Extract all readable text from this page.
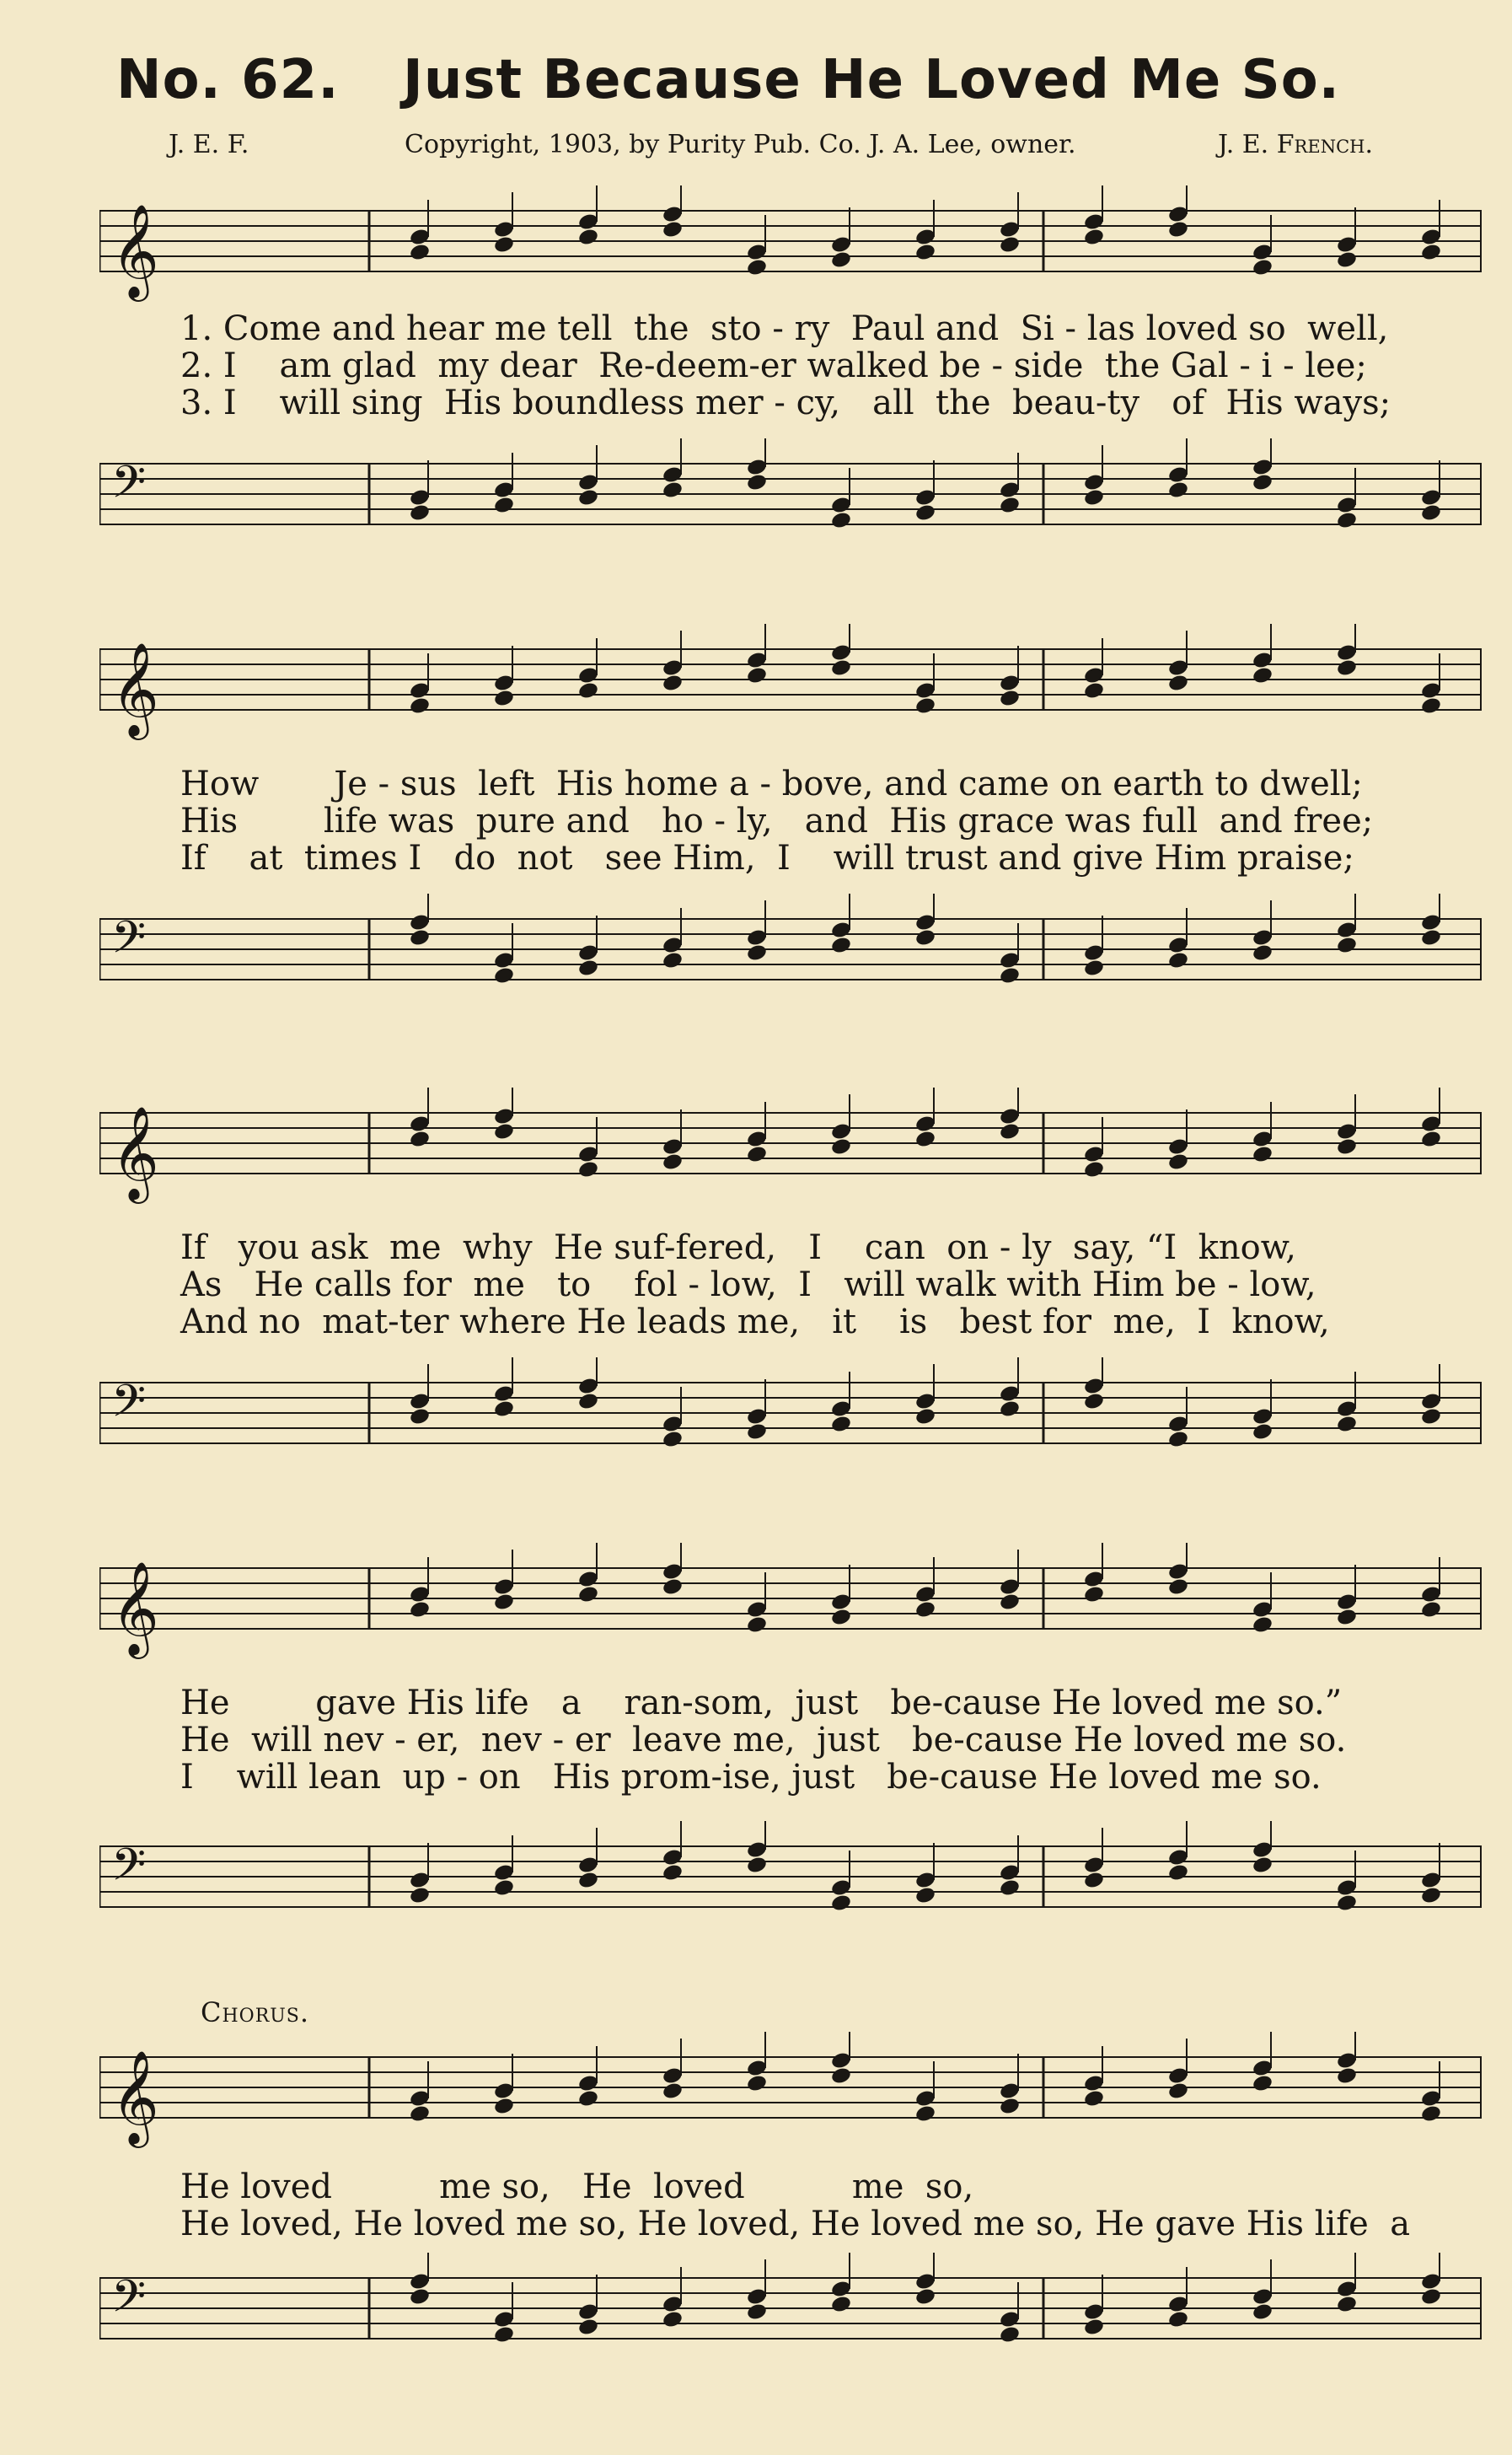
No. 62. Just Because He Loved Me So.
J. E. F.	Copyright, 1903, by Purity Pub. Co. J. A. Lee, owner.	J. E. French.
𝄞
1. Come and hear me tell  the  sto - ry  Paul and  Si - las loved so  well,
2. I    am glad  my dear  Re-deem-er walked be - side  the Gal - i - lee;
3. I    will sing  His boundless mer - cy,   all  the  beau-ty   of  His ways;
𝄢
𝄞
How       Je - sus  left  His home a - bove, and came on earth to dwell;
His        life was  pure and   ho - ly,   and  His grace was full  and free;
If    at  times I   do  not   see Him,  I    will trust and give Him praise;
𝄢
𝄞
If   you ask  me  why  He suf-fered,   I    can  on - ly  say, “I  know,
As   He calls for  me   to    fol - low,  I   will walk with Him be - low,
And no  mat-ter where He leads me,   it    is   best for  me,  I  know,
𝄢
𝄞
He        gave His life   a    ran-som,  just   be-cause He loved me so.”
He  will nev - er,  nev - er  leave me,  just   be-cause He loved me so.
I    will lean  up - on   His prom-ise, just   be-cause He loved me so.
𝄢
Chorus.
𝄞
He loved          me so,   He  loved          me  so,
He loved, He loved me so, He loved, He loved me so, He gave His life  a
𝄢
